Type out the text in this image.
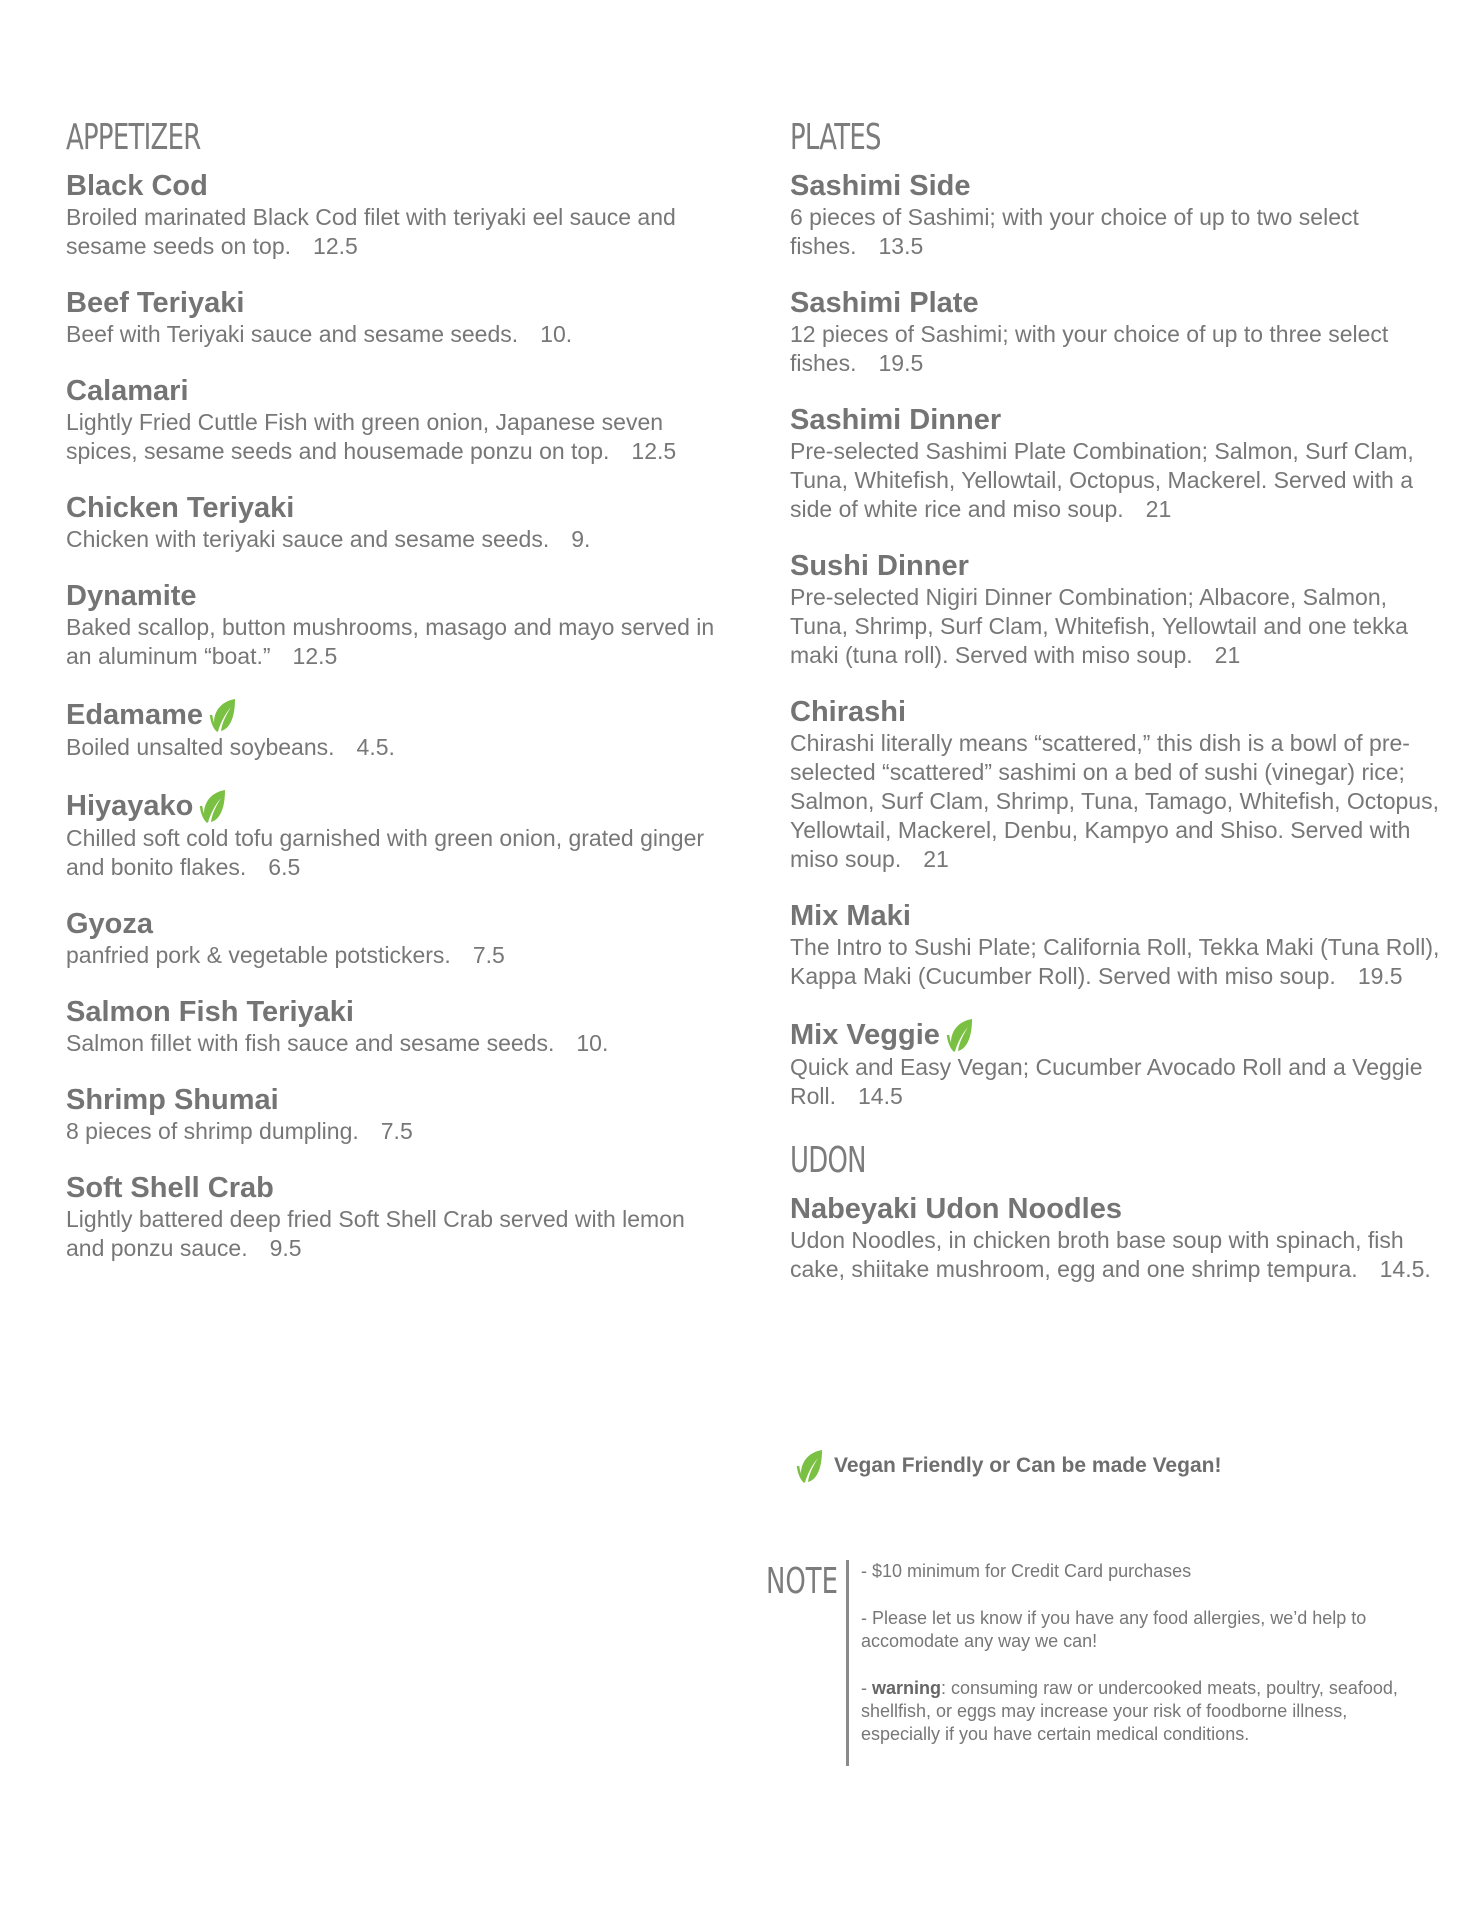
APPETIZER
Black Cod
Broiled marinated Black Cod filet with teriyaki eel sauce and sesame seeds on top. 12.5
Beef Teriyaki
Beef with Teriyaki sauce and sesame seeds. 10.
Calamari
Lightly Fried Cuttle Fish with green onion, Japanese seven spices, sesame seeds and housemade ponzu on top. 12.5
Chicken Teriyaki
Chicken with teriyaki sauce and sesame seeds. 9.
Dynamite
Baked scallop, button mushrooms, masago and mayo served in an aluminum “boat.” 12.5
Edamame
Boiled unsalted soybeans. 4.5.
Hiyayako
Chilled soft cold tofu garnished with green onion, grated ginger and bonito flakes. 6.5
Gyoza
panfried pork & vegetable potstickers. 7.5
Salmon Fish Teriyaki
Salmon fillet with fish sauce and sesame seeds. 10.
Shrimp Shumai
8 pieces of shrimp dumpling. 7.5
Soft Shell Crab
Lightly battered deep fried Soft Shell Crab served with lemon and ponzu sauce. 9.5
PLATES
Sashimi Side
6 pieces of Sashimi; with your choice of up to two select fishes. 13.5
Sashimi Plate
12 pieces of Sashimi; with your choice of up to three select fishes. 19.5
Sashimi Dinner
Pre-selected Sashimi Plate Combination; Salmon, Surf Clam, Tuna, Whitefish, Yellowtail, Octopus, Mackerel. Served with a side of white rice and miso soup. 21
Sushi Dinner
Pre-selected Nigiri Dinner Combination; Albacore, Salmon, Tuna, Shrimp, Surf Clam, Whitefish, Yellowtail and one tekka maki (tuna roll). Served with miso soup. 21
Chirashi
Chirashi literally means “scattered,” this dish is a bowl of pre-selected “scattered” sashimi on a bed of sushi (vinegar) rice; Salmon, Surf Clam, Shrimp, Tuna, Tamago, Whitefish, Octopus, Yellowtail, Mackerel, Denbu, Kampyo and Shiso. Served with miso soup. 21
Mix Maki
The Intro to Sushi Plate; California Roll, Tekka Maki (Tuna Roll), Kappa Maki (Cucumber Roll). Served with miso soup. 19.5
Mix Veggie
Quick and Easy Vegan; Cucumber Avocado Roll and a Veggie Roll. 14.5
UDON
Nabeyaki Udon Noodles
Udon Noodles, in chicken broth base soup with spinach, fish cake, shiitake mushroom, egg and one shrimp tempura. 14.5.
Vegan Friendly or Can be made Vegan!
NOTE - $10 minimum for Credit Card purchases
- Please let us know if you have any food allergies, we’d help to accomodate any way we can!
- warning: consuming raw or undercooked meats, poultry, seafood, shellfish, or eggs may increase your risk of foodborne illness, especially if you have certain medical conditions.
